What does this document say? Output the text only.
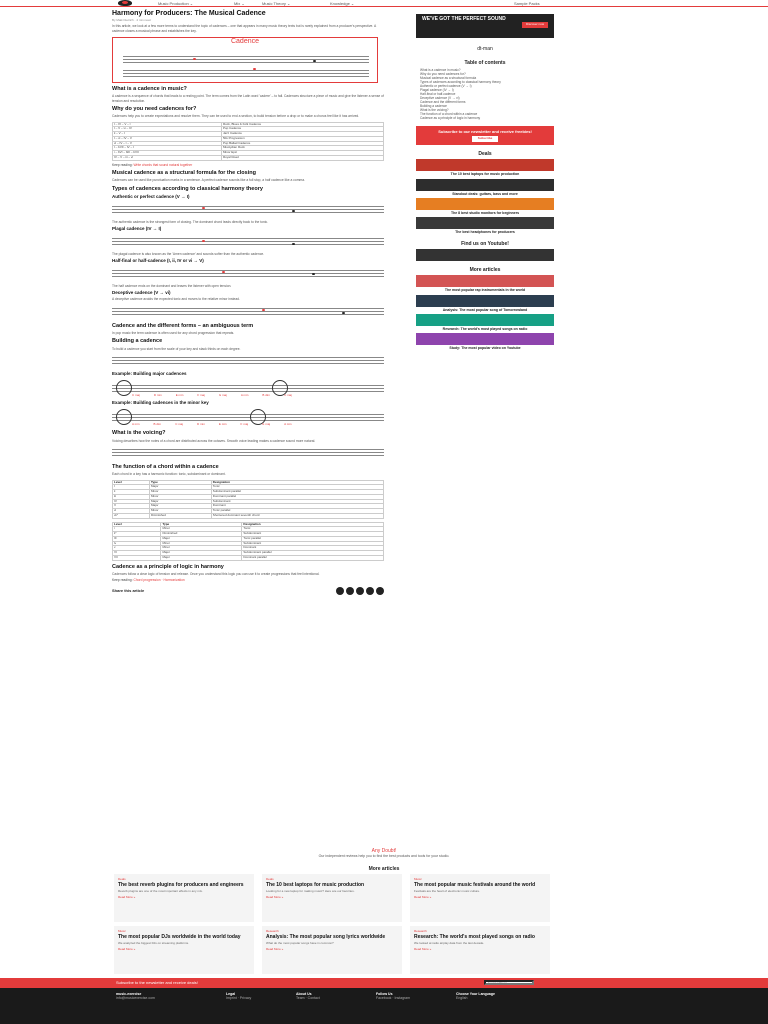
Music Production ⌄	Mix ⌄	Music Theory ⌄	Knowledge ⌄	Sample Packs
Harmony for Producers: The Musical Cadence
By Maik Dietrich · 4 min read
In this article, we look at a few more terms to understand the topic of cadences – one that appears in many music theory texts but is rarely explained from a producer's perspective. A cadence closes a musical phrase and establishes the key.
Cadence
What is a cadence in music?
A cadence is a sequence of chords that leads to a resting point. The term comes from the Latin word 'cadere' – to fall. Cadences structure a piece of music and give the listener a sense of tension and resolution.
Why do you need cadences for?
Cadences help you to create expectations and resolve them. They can be used to end a section, to build tension before a drop or to make a chorus feel like it has arrived.
I – IV – V – I	Rock, Blues & Folk Cadence
I – V – vi – IV	Pop Cadence
ii – V – I	Jazz Cadence
I – vi – IV – V	50s Progression
vi – IV – I – V	Pop Ballad Cadence
I – bVII – IV – I	Mixolydian Rock
i – bVI – bIII – bVII	Minor Epic
IV – V – iii – vi	Royal Road
Keep reading: Write chords that sound natural together
Musical cadence as a structural formula for the closing
Cadences can be used like punctuation marks in a sentence. A perfect cadence sounds like a full stop, a half cadence like a comma.
Types of cadences according to classical harmony theory
Authentic or perfect cadence (V → I)
The authentic cadence is the strongest form of closing. The dominant chord leads directly back to the tonic.
Plagal cadence (IV → I)
The plagal cadence is also known as the 'Amen cadence' and sounds softer than the authentic cadence.
Half-final or half-cadence (I, ii, IV or vi → V)
The half cadence ends on the dominant and leaves the listener with open tension.
Deceptive cadence (V → vi)
A deceptive cadence avoids the expected tonic and moves to the relative minor instead.
Cadence and the different forms – an ambiguous term
In pop music the term cadence is often used for any chord progression that repeats.
Building a cadence
To build a cadence you start from the scale of your key and stack thirds on each degree.
Example: Building major cadences
C maj	D min	E min	F maj	G maj	A min	B dim	C maj
Example: Building cadences in the minor key
A min	B dim	C maj	D min	E min	F maj	G maj	A min
What is the voicing?
Voicing describes how the notes of a chord are distributed across the octaves. Smooth voice leading makes a cadence sound more natural.
The function of a chord within a cadence
Each chord in a key has a harmonic function: tonic, subdominant or dominant.
Level	Type	Designation
I	Major	Tonic
ii	Minor	Subdominant parallel
iii	Minor	Dominant parallel
IV	Major	Subdominant
V	Major	Dominant
vi	Minor	Tonic parallel
vii°	Diminished	Shortened dominant seventh chord
Level	Type	Designation
i	Minor	Tonic
ii°	Diminished	Subdominant
III	Major	Tonic parallel
iv	Minor	Subdominant
v	Minor	Dominant
VI	Major	Subdominant parallel
VII	Major	Dominant parallel
Cadence as a principle of logic in harmony
Cadences follow a clear logic of tension and release. Once you understand this logic you can use it to create progressions that feel intentional.
Keep reading: Chord progression · Harmonization
Share this article
WE'VE GOT THE PERFECT SOUND
Discover now
dt-man
Table of contents
What is a cadence in music?
Why do you need cadences for?
Musical cadence as a structural formula
Types of cadences according to classical harmony theory
Authentic or perfect cadence (V → I)
Plagal cadence (IV → I)
Half-final or half-cadence
Deceptive cadence (V → vi)
Cadence and the different forms
Building a cadence
What is the voicing?
The function of a chord within a cadence
Cadence as a principle of logic in harmony
Subscribe to our newsletter and receive freebies!
Subscribe
Deals
The 10 best laptops for music production
Standout deals: guitars, bass and more
The 8 best studio monitors for beginners
The best headphones for producers
Find us on Youtube!
More articles
The most popular rap instrumentals in the world
Analysis: The most popular song of Tomorrowland
Research: The world's most played songs on radio
Study: The most popular video on Youtube
Any Doubt!
Our independent reviews help you to find the best products and tools for your studio.
More articles
Deals
The best reverb plugins for producers and engineers
Reverb plugins are one of the most important effects in any mix.
Read More »
Deals
The 10 best laptops for music production
Looking for a new laptop for making music? Here are our favorites.
Read More »
Music
The most popular music festivals around the world
Festivals are the heart of electronic music culture.
Read More »
Music
The most popular DJs worldwide in the world today
We analyzed the biggest DJs on streaming platforms.
Read More »
Research
Analysis: The most popular song lyrics worldwide
What do the most popular songs have in common?
Read More »
Research
Research: The world's most played songs on radio
We looked at radio airplay data from the last decade.
Read More »
Subscribe to the newsletter and receive deals!
Email address
music-exercise
info@musicexercise.com
Legal
Imprint · Privacy
About Us
Team · Contact
Follow Us
Facebook · Instagram
Choose Your Language
English
